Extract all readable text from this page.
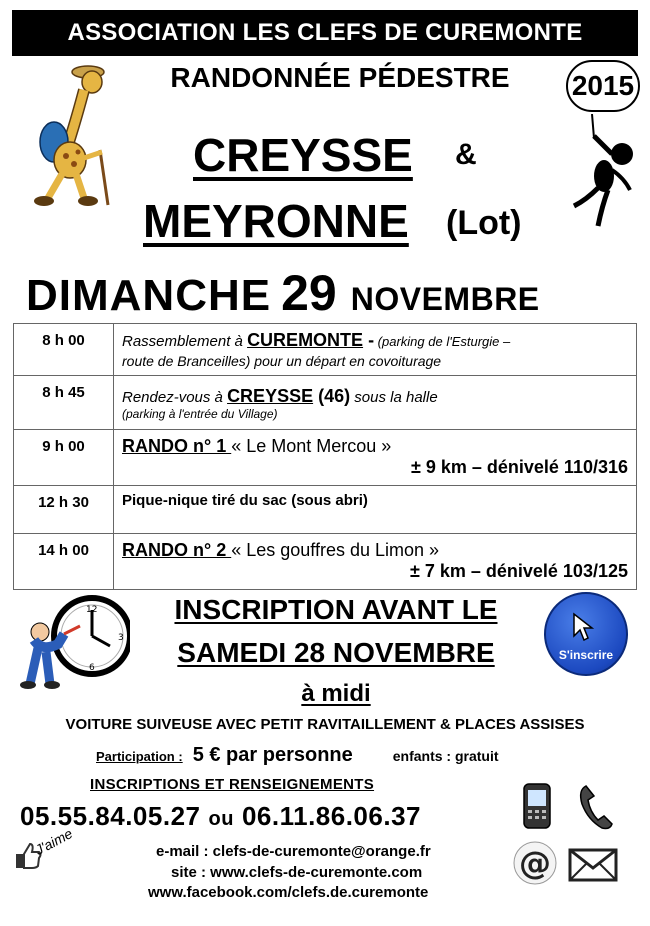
ASSOCIATION LES CLEFS DE CUREMONTE
RANDONNÉE PÉDESTRE	2015
CREYSSE &
MEYRONNE (Lot)
DIMANCHE 29 NOVEMBRE
8 h 00	Rassemblement à CUREMONTE - (parking de l'Esturgie –
route de Branceilles) pour un départ en covoiturage

8 h 45	Rendez-vous à CREYSSE (46) sous la halle
(parking à l'entrée du Village)

9 h 00	RANDO n° 1 « Le Mont Mercou »
± 9 km – dénivelé 110/316

12 h 30	Pique-nique tiré du sac (sous abri)
14 h 00	RANDO n° 2 « Les gouffres du Limon »
± 7 km – dénivelé 103/125
12
3
6
INSCRIPTION AVANT LE
SAMEDI 28 NOVEMBRE
à midi
S'inscrire
VOITURE SUIVEUSE AVEC PETIT RAVITAILLEMENT & PLACES ASSISES
Participation : 5 € par personne	enfants : gratuit
INSCRIPTIONS ET RENSEIGNEMENTS
05.55.84.05.27 ou 06.11.86.06.37
@
J'aime	e-mail : clefs-de-curemonte@orange.fr
site : www.clefs-de-curemonte.com
www.facebook.com/clefs.de.curemonte
